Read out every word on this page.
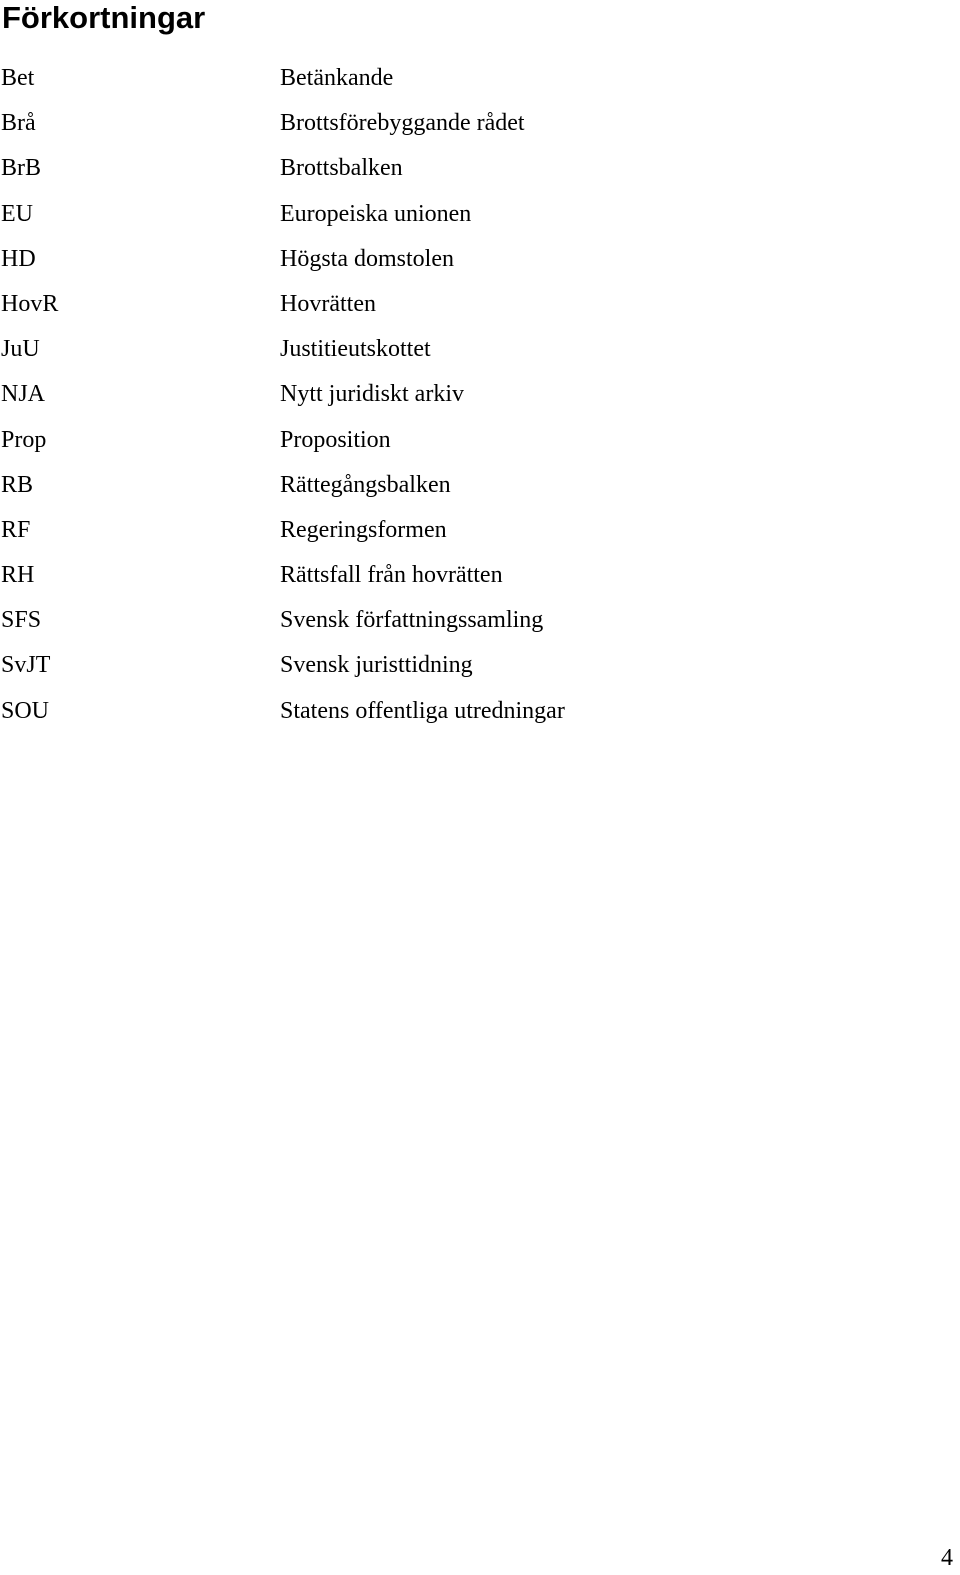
Förkortningar
Bet	Betänkande
Brå	Brottsförebyggande rådet
BrB	Brottsbalken
EU	Europeiska unionen
HD	Högsta domstolen
HovR	Hovrätten
JuU	Justitieutskottet
NJA	Nytt juridiskt arkiv
Prop	Proposition
RB	Rättegångsbalken
RF	Regeringsformen
RH	Rättsfall från hovrätten
SFS	Svensk författningssamling
SvJT	Svensk juristtidning
SOU	Statens offentliga utredningar
4
